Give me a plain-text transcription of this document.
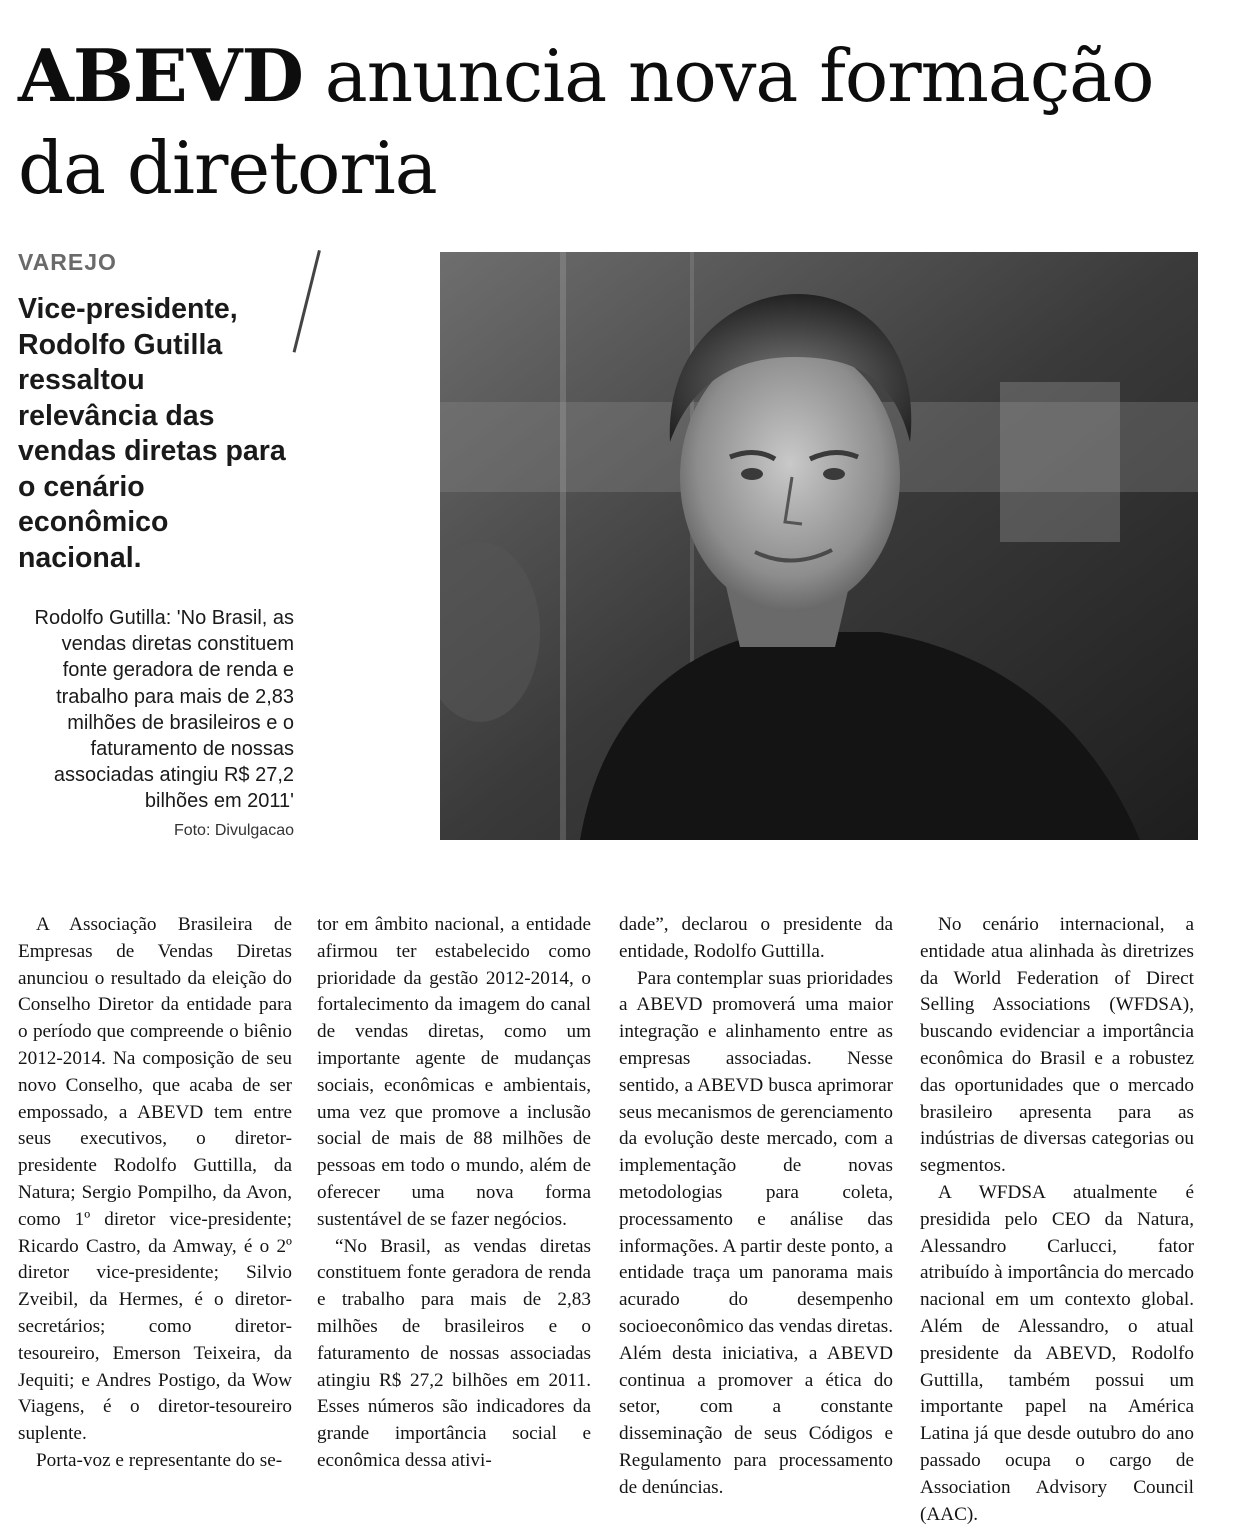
ABEVD anuncia nova formação
da diretoria
VAREJO

Vice-presidente, Rodolfo Gutilla ressaltou relevância das vendas diretas para o cenário econômico nacional.

Rodolfo Gutilla: 'No Brasil, as vendas diretas constituem fonte geradora de renda e trabalho para mais de 2,83 milhões de brasileiros e o faturamento de nossas associadas atingiu R$ 27,2 bilhões em 2011'

Foto: Divulgacao

A Associação Brasileira de Empresas de Vendas Diretas anunciou o resultado da eleição do Conselho Diretor da entidade para o período que compreende o biênio 2012-2014. Na composição de seu novo Conselho, que acaba de ser empossado, a ABEVD tem entre seus executivos, o diretor-presidente Rodolfo Guttilla, da Natura; Sergio Pompilho, da Avon, como 1º diretor vice-presidente; Ricardo Castro, da Amway, é o 2º diretor vice-presidente; Silvio Zveibil, da Hermes, é o diretor-secretários; como diretor-tesoureiro, Emerson Teixeira, da Jequiti; e Andres Postigo, da Wow Viagens, é o diretor-tesoureiro suplente.

Porta-voz e representante do se-

tor em âmbito nacional, a entidade afirmou ter estabelecido como prioridade da gestão 2012-2014, o fortalecimento da imagem do canal de vendas diretas, como um importante agente de mudanças sociais, econômicas e ambientais, uma vez que promove a inclusão social de mais de 88 milhões de pessoas em todo o mundo, além de oferecer uma nova forma sustentável de se fazer negócios.

“No Brasil, as vendas diretas constituem fonte geradora de renda e trabalho para mais de 2,83 milhões de brasileiros e o faturamento de nossas associadas atingiu R$ 27,2 bilhões em 2011. Esses números são indicadores da grande importância social e econômica dessa ativi-

dade”, declarou o presidente da entidade, Rodolfo Guttilla.

Para contemplar suas prioridades a ABEVD promoverá uma maior integração e alinhamento entre as empresas associadas. Nesse sentido, a ABEVD busca aprimorar seus mecanismos de gerenciamento da evolução deste mercado, com a implementação de novas metodologias para coleta, processamento e análise das informações. A partir deste ponto, a entidade traça um panorama mais acurado do desempenho socioeconômico das vendas diretas. Além desta iniciativa, a ABEVD continua a promover a ética do setor, com a constante disseminação de seus Códigos e Regulamento para processamento de denúncias.

No cenário internacional, a entidade atua alinhada às diretrizes da World Federation of Direct Selling Associations (WFDSA), buscando evidenciar a importância econômica do Brasil e a robustez das oportunidades que o mercado brasileiro apresenta para as indústrias de diversas categorias ou segmentos.

A WFDSA atualmente é presidida pelo CEO da Natura, Alessandro Carlucci, fator atribuído à importância do mercado nacional em um contexto global. Além de Alessandro, o atual presidente da ABEVD, Rodolfo Guttilla, também possui um importante papel na América Latina já que desde outubro do ano passado ocupa o cargo de Association Advisory Council (AAC).
